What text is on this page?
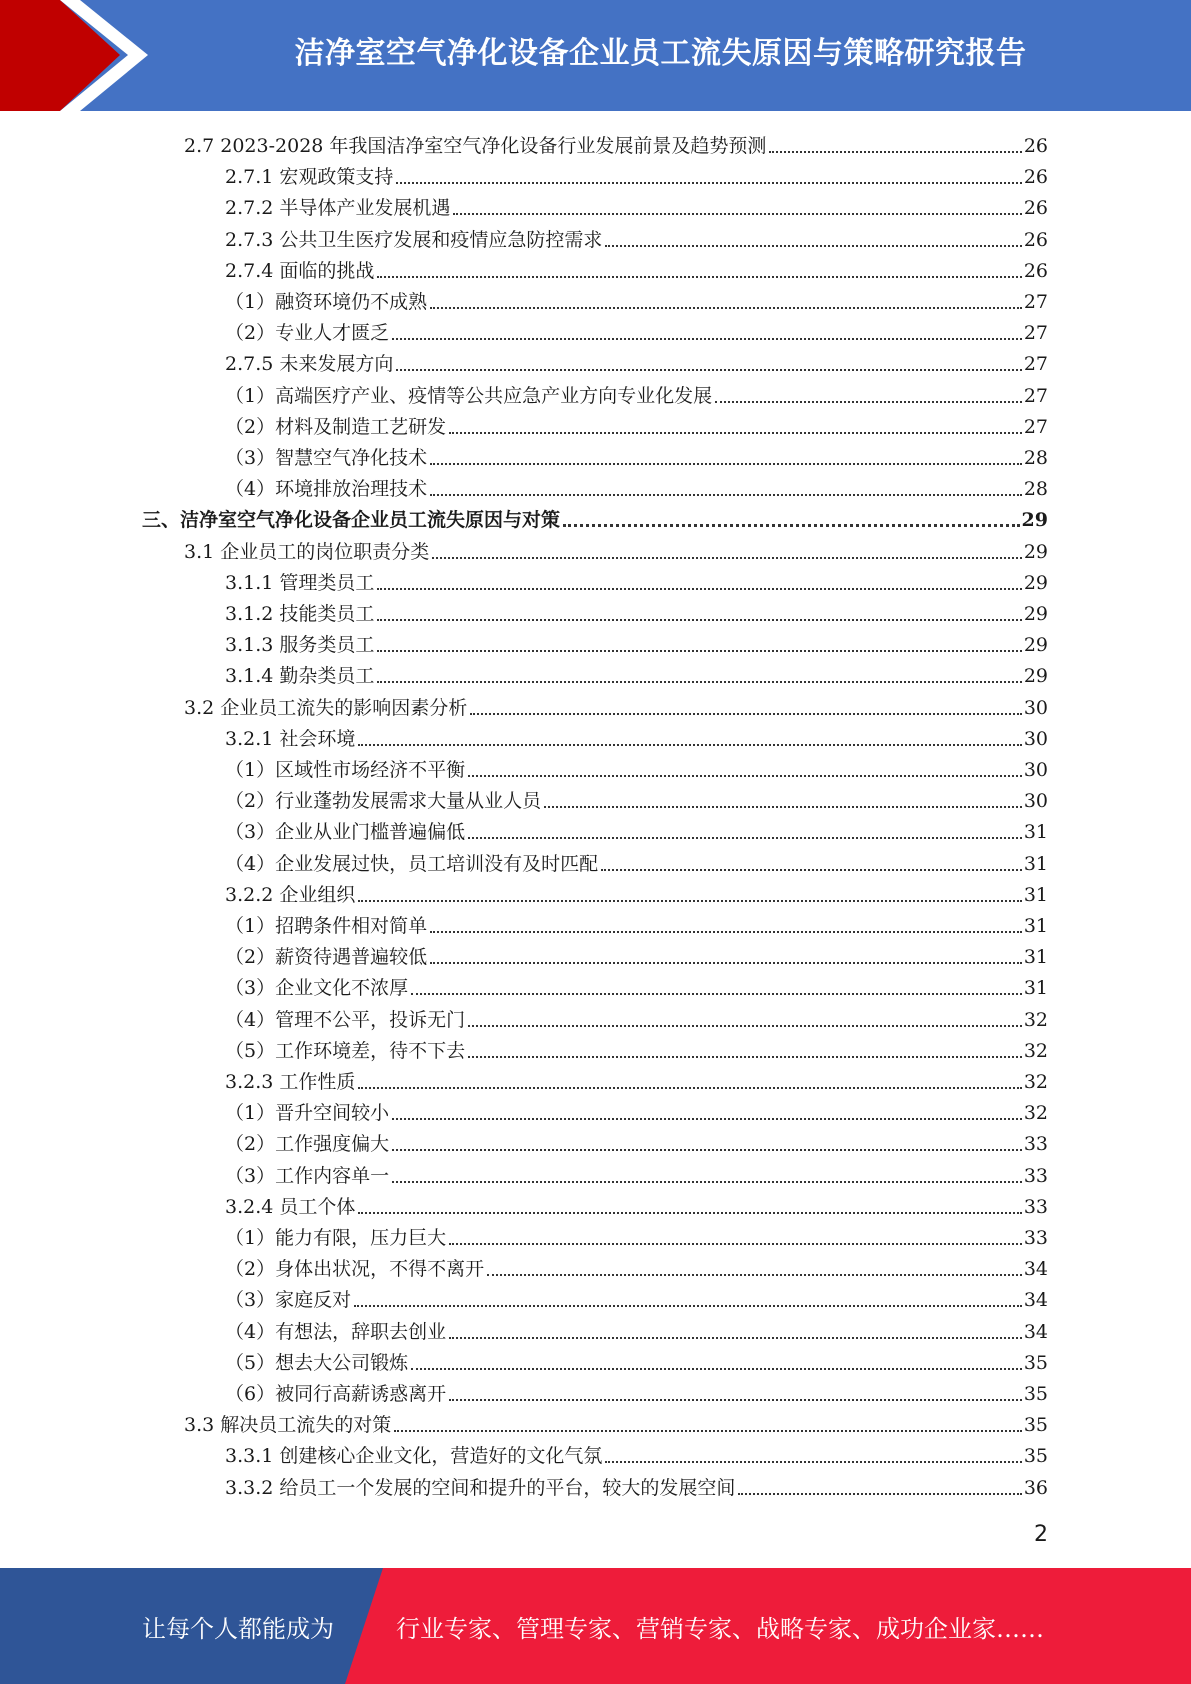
洁净室空气净化设备企业员工流失原因与策略研究报告
2.7 2023-2028 年我国洁净室空气净化设备行业发展前景及趋势预测	26
2.7.1 宏观政策支持	26
2.7.2 半导体产业发展机遇	26
2.7.3 公共卫生医疗发展和疫情应急防控需求	26
2.7.4 面临的挑战	26
（1）融资环境仍不成熟	27
（2）专业人才匮乏	27
2.7.5 未来发展方向	27
（1）高端医疗产业、疫情等公共应急产业方向专业化发展	27
（2）材料及制造工艺研发	27
（3）智慧空气净化技术	28
（4）环境排放治理技术	28
三、洁净室空气净化设备企业员工流失原因与对策	29
3.1 企业员工的岗位职责分类	29
3.1.1 管理类员工	29
3.1.2 技能类员工	29
3.1.3 服务类员工	29
3.1.4 勤杂类员工	29
3.2 企业员工流失的影响因素分析	30
3.2.1 社会环境	30
（1）区域性市场经济不平衡	30
（2）行业蓬勃发展需求大量从业人员	30
（3）企业从业门槛普遍偏低	31
（4）企业发展过快，员工培训没有及时匹配	31
3.2.2 企业组织	31
（1）招聘条件相对简单	31
（2）薪资待遇普遍较低	31
（3）企业文化不浓厚	31
（4）管理不公平，投诉无门	32
（5）工作环境差，待不下去	32
3.2.3 工作性质	32
（1）晋升空间较小	32
（2）工作强度偏大	33
（3）工作内容单一	33
3.2.4 员工个体	33
（1）能力有限，压力巨大	33
（2）身体出状况，不得不离开	34
（3）家庭反对	34
（4）有想法，辞职去创业	34
（5）想去大公司锻炼	35
（6）被同行高薪诱惑离开	35
3.3 解决员工流失的对策	35
3.3.1 创建核心企业文化，营造好的文化气氛	35
3.3.2 给员工一个发展的空间和提升的平台，较大的发展空间	36
2
让每个人都能成为	行业专家、管理专家、营销专家、战略专家、成功企业家……
